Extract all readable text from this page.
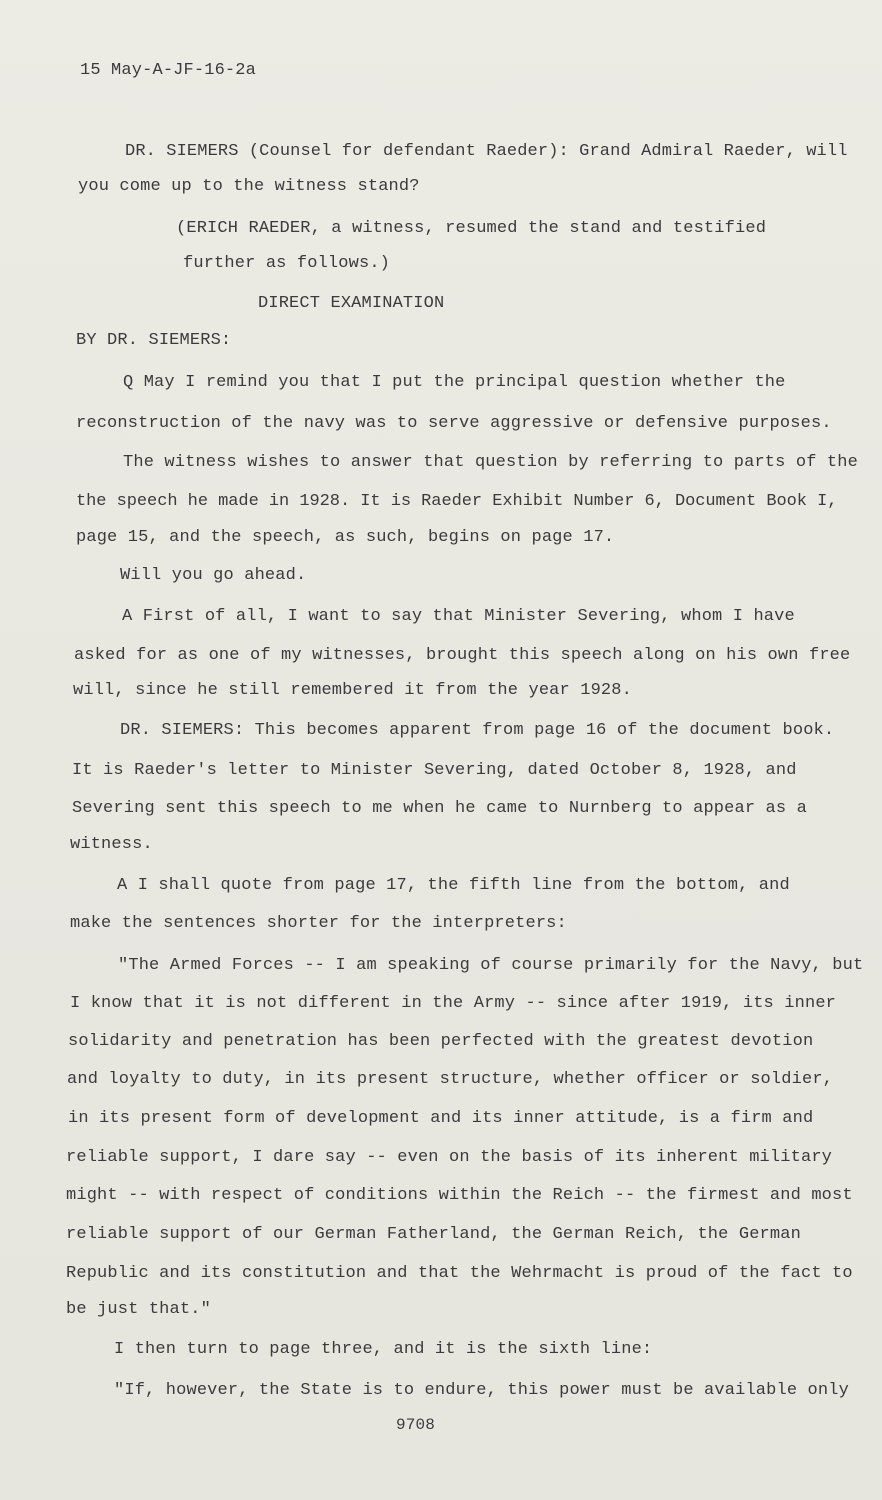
15 May-A-JF-16-2a
DR. SIEMERS (Counsel for defendant Raeder): Grand Admiral Raeder, will
you come up to the witness stand?
(ERICH RAEDER, a witness, resumed the stand and testified
further as follows.)
DIRECT EXAMINATION
BY DR. SIEMERS:
Q May I remind you that I put the principal question whether the
reconstruction of the navy was to serve aggressive or defensive purposes.
The witness wishes to answer that question by referring to parts of the
the speech he made in 1928. It is Raeder Exhibit Number 6, Document Book I,
page 15, and the speech, as such, begins on page 17.
Will you go ahead.
A First of all, I want to say that Minister Severing, whom I have
asked for as one of my witnesses, brought this speech along on his own free
will, since he still remembered it from the year 1928.
DR. SIEMERS: This becomes apparent from page 16 of the document book.
It is Raeder's letter to Minister Severing, dated October 8, 1928, and
Severing sent this speech to me when he came to Nurnberg to appear as a
witness.
A I shall quote from page 17, the fifth line from the bottom, and
make the sentences shorter for the interpreters:
"The Armed Forces -- I am speaking of course primarily for the Navy, but
I know that it is not different in the Army -- since after 1919, its inner
solidarity and penetration has been perfected with the greatest devotion
and loyalty to duty, in its present structure, whether officer or soldier,
in its present form of development and its inner attitude, is a firm and
reliable support, I dare say -- even on the basis of its inherent military
might -- with respect of conditions within the Reich -- the firmest and most
reliable support of our German Fatherland, the German Reich, the German
Republic and its constitution and that the Wehrmacht is proud of the fact to
be just that."
I then turn to page three, and it is the sixth line:
"If, however, the State is to endure, this power must be available only
9708
